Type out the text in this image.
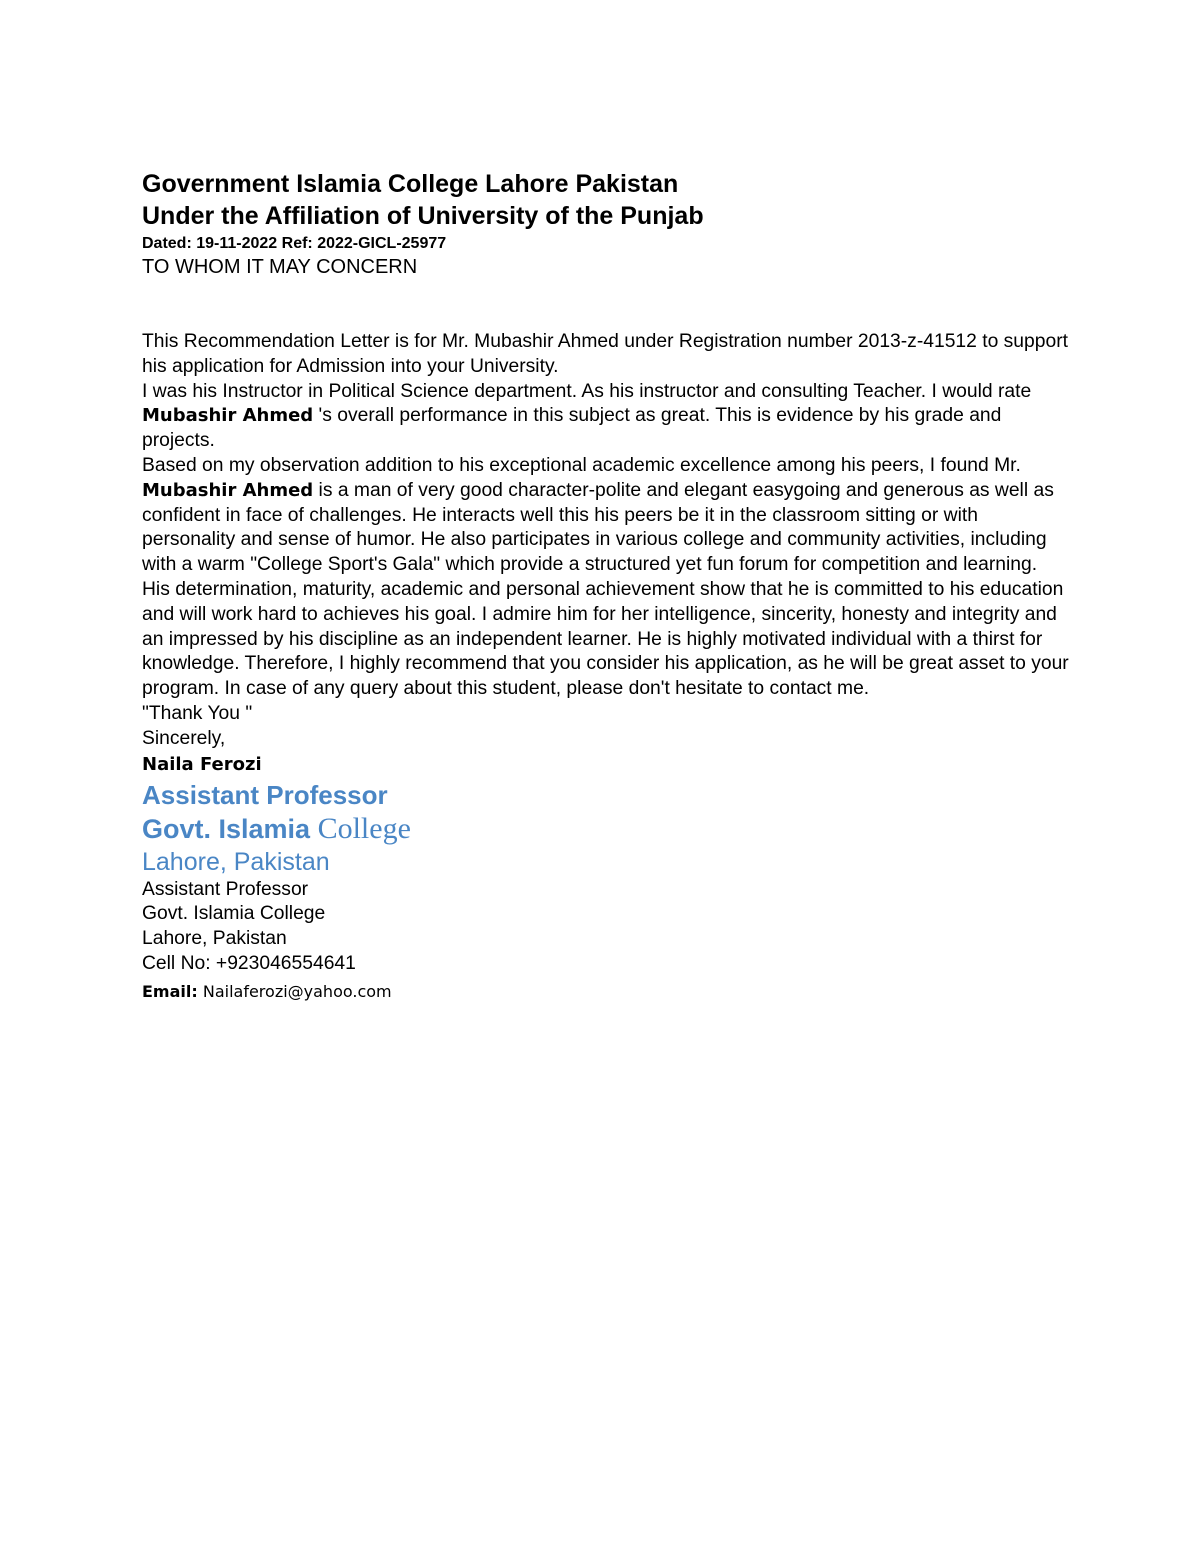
Government Islamia College Lahore Pakistan
Under the Affiliation of University of the Punjab
Dated: 19-11-2022 Ref: 2022-GICL-25977
TO WHOM IT MAY CONCERN

This Recommendation Letter is for Mr. Mubashir Ahmed under Registration number 2013-z-41512 to support his application for Admission into your University.

I was his Instructor in Political Science department. As his instructor and consulting Teacher. I would rate Mubashir Ahmed 's overall performance in this subject as great. This is evidence by his grade and projects.

Based on my observation addition to his exceptional academic excellence among his peers, I found Mr. Mubashir Ahmed is a man of very good character-polite and elegant easygoing and generous as well as confident in face of challenges. He interacts well this his peers be it in the classroom sitting or with personality and sense of humor. He also participates in various college and community activities, including with a warm "College Sport's Gala" which provide a structured yet fun forum for competition and learning.

His determination, maturity, academic and personal achievement show that he is committed to his education and will work hard to achieves his goal. I admire him for her intelligence, sincerity, honesty and integrity and an impressed by his discipline as an independent learner. He is highly motivated individual with a thirst for knowledge. Therefore, I highly recommend that you consider his application, as he will be great asset to your program. In case of any query about this student, please don't hesitate to contact me.

"Thank You "
Sincerely,
Naila Ferozi
Assistant Professor
Govt. Islamia College
Lahore, Pakistan
Assistant Professor
Govt. Islamia College
Lahore, Pakistan
Cell No: +923046554641
Email: Nailaferozi@yahoo.com
